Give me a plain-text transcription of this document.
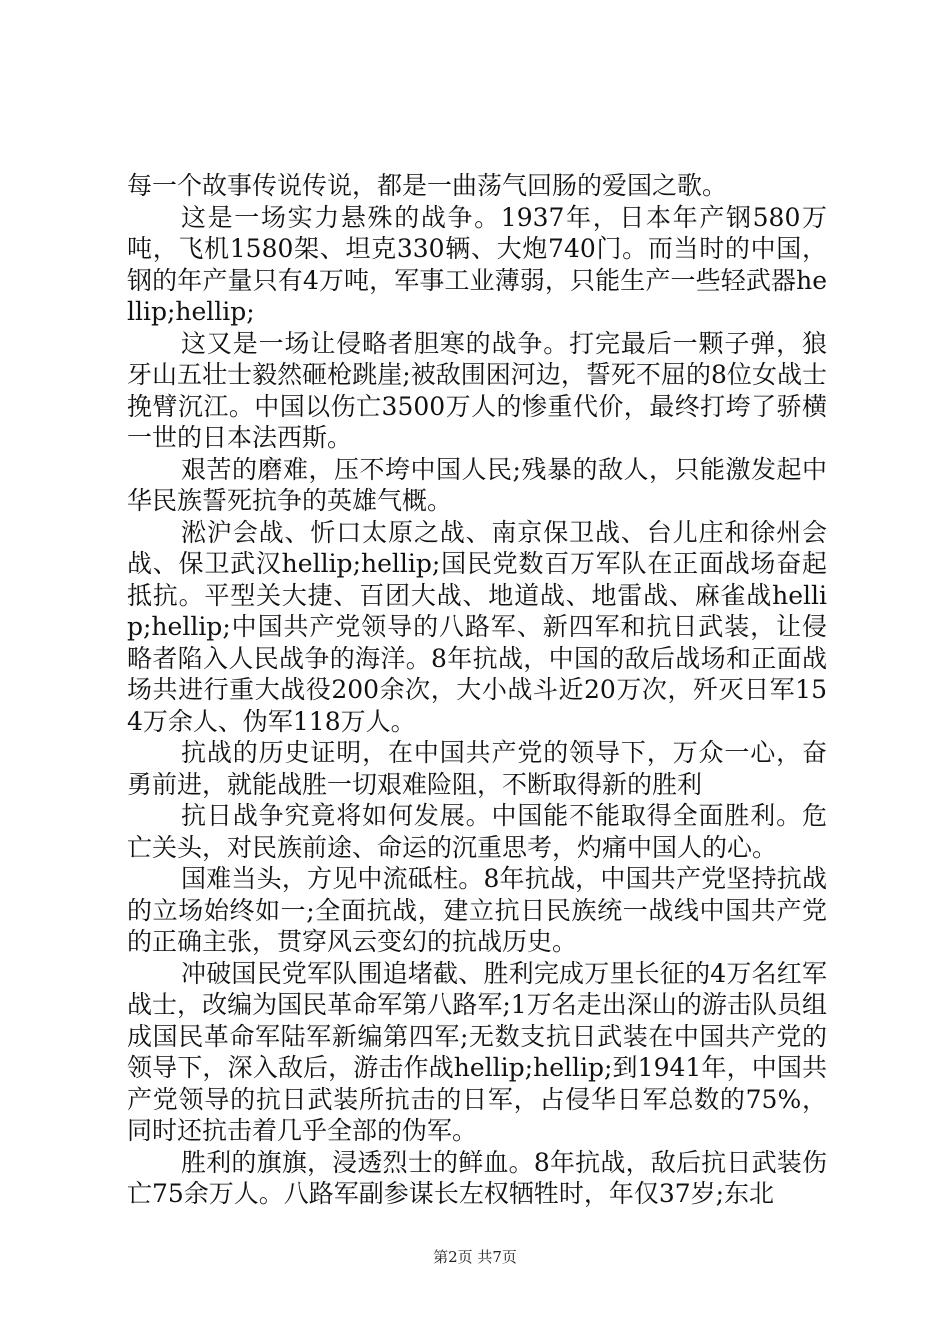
每一个故事传说传说，都是一曲荡气回肠的爱国之歌。

这是一场实力悬殊的战争。1937年，日本年产钢580万吨，飞机1580架、坦克330辆、大炮740门。而当时的中国，钢的年产量只有4万吨，军事工业薄弱，只能生产一些轻武器hellip;hellip;

这又是一场让侵略者胆寒的战争。打完最后一颗子弹，狼牙山五壮士毅然砸枪跳崖;被敌围困河边，誓死不屈的8位女战士挽臂沉江。中国以伤亡3500万人的惨重代价，最终打垮了骄横一世的日本法西斯。

艰苦的磨难，压不垮中国人民;残暴的敌人，只能激发起中华民族誓死抗争的英雄气概。

淞沪会战、忻口太原之战、南京保卫战、台儿庄和徐州会战、保卫武汉hellip;hellip;国民党数百万军队在正面战场奋起抵抗。平型关大捷、百团大战、地道战、地雷战、麻雀战hellip;hellip;中国共产党领导的八路军、新四军和抗日武装，让侵略者陷入人民战争的海洋。8年抗战，中国的敌后战场和正面战场共进行重大战役200余次，大小战斗近20万次，歼灭日军154万余人、伪军118万人。

抗战的历史证明，在中国共产党的领导下，万众一心，奋勇前进，就能战胜一切艰难险阻，不断取得新的胜利

抗日战争究竟将如何发展。中国能不能取得全面胜利。危亡关头，对民族前途、命运的沉重思考，灼痛中国人的心。

国难当头，方见中流砥柱。8年抗战，中国共产党坚持抗战的立场始终如一;全面抗战，建立抗日民族统一战线中国共产党的正确主张，贯穿风云变幻的抗战历史。

冲破国民党军队围追堵截、胜利完成万里长征的4万名红军战士，改编为国民革命军第八路军;1万名走出深山的游击队员组成国民革命军陆军新编第四军;无数支抗日武装在中国共产党的领导下，深入敌后，游击作战hellip;hellip;到1941年，中国共产党领导的抗日武装所抗击的日军，占侵华日军总数的75%，同时还抗击着几乎全部的伪军。

胜利的旗旗，浸透烈士的鲜血。8年抗战，敌后抗日武装伤亡75余万人。八路军副参谋长左权牺牲时，年仅37岁;东北

第2页 共7页
